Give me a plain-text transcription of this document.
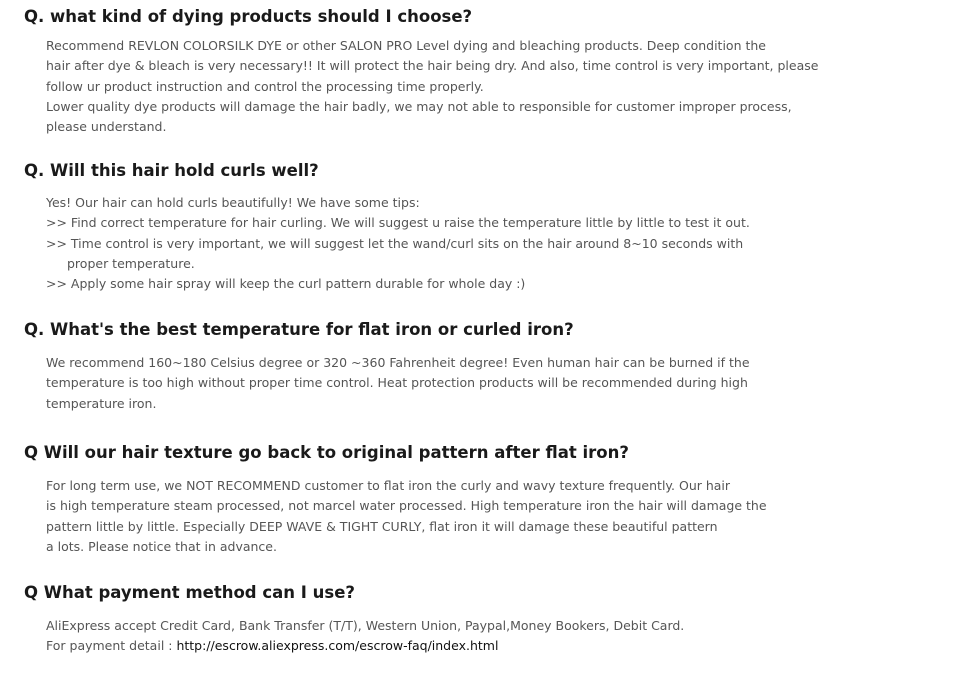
Q. what kind of dying products should I choose?
Recommend REVLON COLORSILK DYE or other SALON PRO Level dying and bleaching products. Deep condition the
hair after dye & bleach is very necessary!! It will protect the hair being dry. And also, time control is very important, please
follow ur product instruction and control the processing time properly.
Lower quality dye products will damage the hair badly, we may not able to responsible for customer improper process,
please understand.
Q. Will this hair hold curls well?
Yes! Our hair can hold curls beautifully! We have some tips:
>> Find correct temperature for hair curling. We will suggest u raise the temperature little by little to test it out.
>> Time control is very important, we will suggest let the wand/curl sits on the hair around 8~10 seconds with
proper temperature.
>> Apply some hair spray will keep the curl pattern durable for whole day :)
Q. What's the best temperature for flat iron or curled iron?
We recommend 160~180 Celsius degree or 320 ~360 Fahrenheit degree! Even human hair can be burned if the
temperature is too high without proper time control. Heat protection products will be recommended during high
temperature iron.
Q Will our hair texture go back to original pattern after flat iron?
For long term use, we NOT RECOMMEND customer to flat iron the curly and wavy texture frequently. Our hair
is high temperature steam processed, not marcel water processed. High temperature iron the hair will damage the
pattern little by little. Especially DEEP WAVE & TIGHT CURLY, flat iron it will damage these beautiful pattern
a lots. Please notice that in advance.
Q What payment method can I use?
AliExpress accept Credit Card, Bank Transfer (T/T), Western Union, Paypal,Money Bookers, Debit Card.
For payment detail : http://escrow.aliexpress.com/escrow-faq/index.html
